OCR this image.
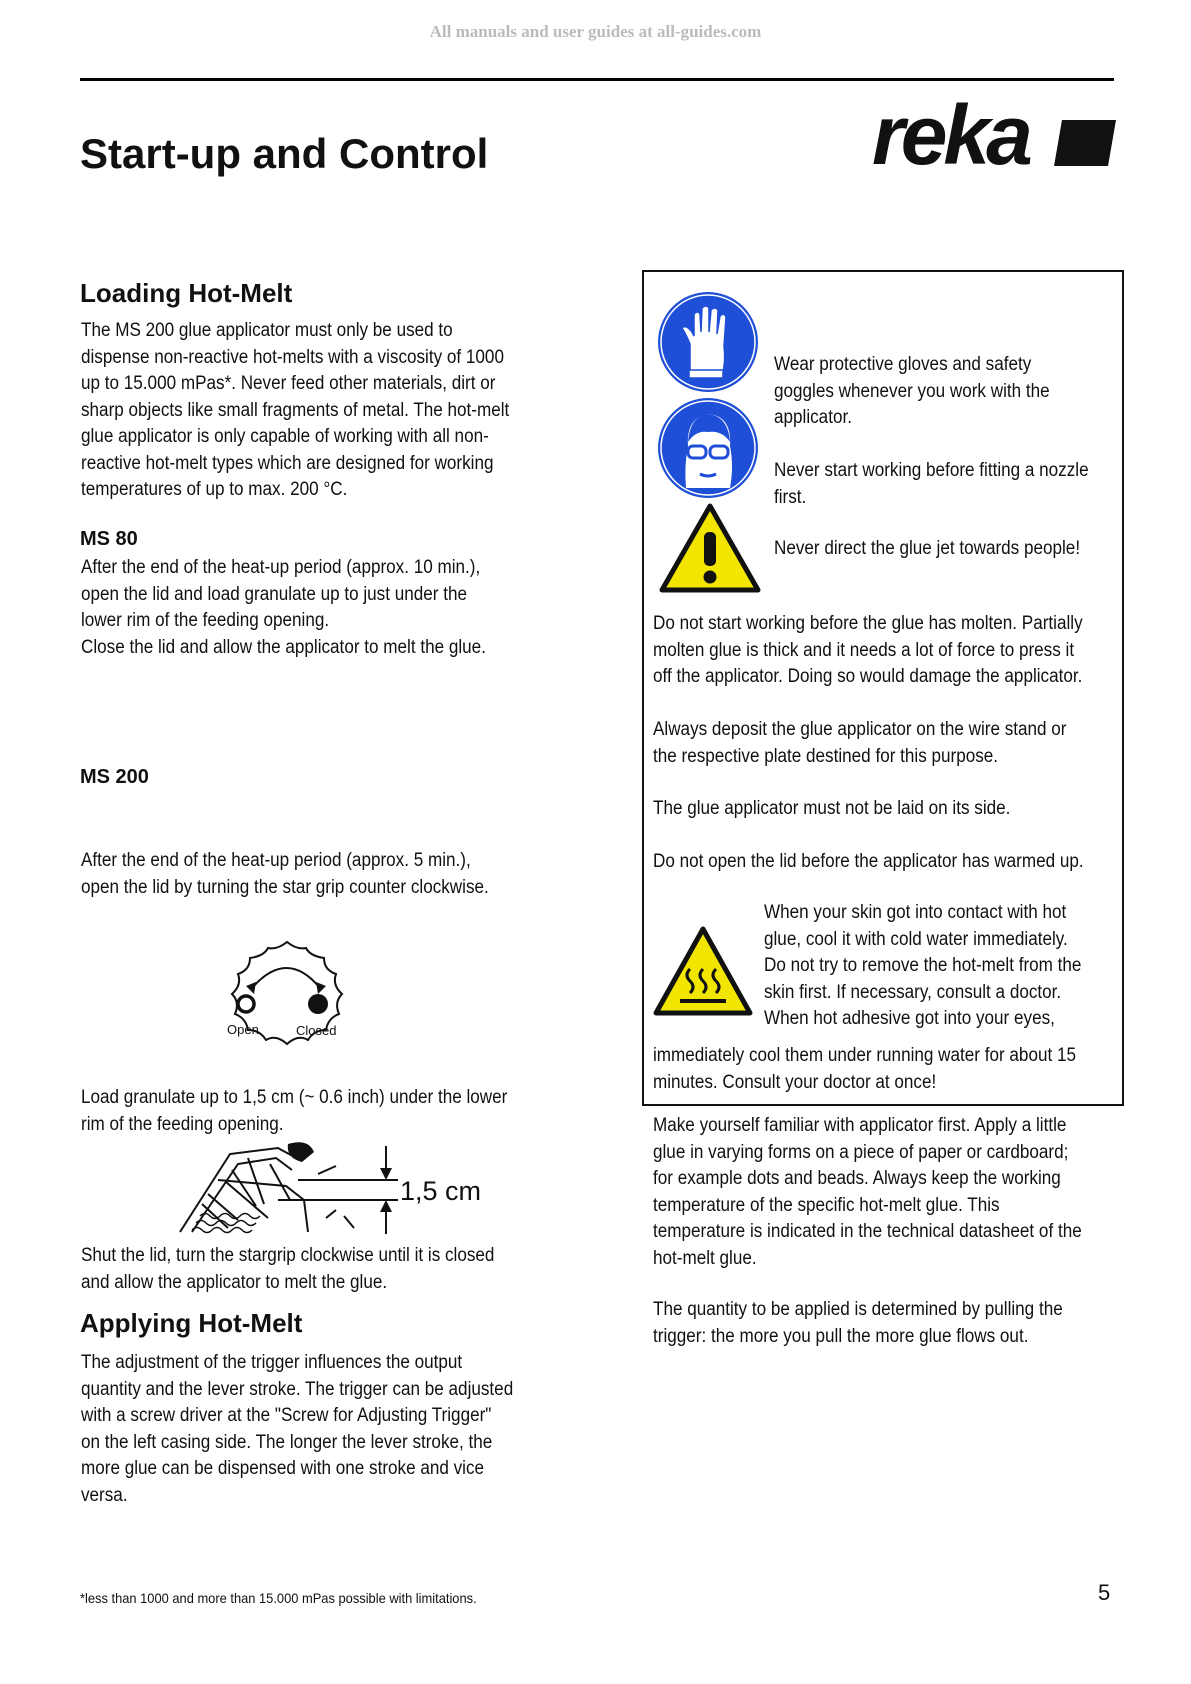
All manuals and user guides at all-guides.com
Start-up and Control	reka
Loading Hot-Melt

The MS 200 glue applicator must only be used to
dispense non-reactive hot-melts with a viscosity of 1000
up to 15.000 mPas*. Never feed other materials, dirt or
sharp objects like small fragments of metal. The hot-melt
glue applicator is only capable of working with all non-
reactive hot-melt types which are designed for working
temperatures of up to max. 200 °C.

MS 80

After the end of the heat-up period (approx. 10 min.),
open the lid and load granulate up to just under the
lower rim of the feeding opening.
Close the lid and allow the applicator to melt the glue.

MS 200

After the end of the heat-up period (approx. 5 min.),
open the lid by turning the star grip counter clockwise.

Open	Closed

Load granulate up to 1,5 cm (~ 0.6 inch) under the lower
rim of the feeding opening.

1,5 cm

Shut the lid, turn the stargrip clockwise until it is closed
and allow the applicator to melt the glue.

Applying Hot-Melt

The adjustment of the trigger influences the output
quantity and the lever stroke. The trigger can be adjusted
with a screw driver at the "Screw for Adjusting Trigger"
on the left casing side. The longer the lever stroke, the
more glue can be dispensed with one stroke and vice
versa.

Wear protective gloves and safety
goggles whenever you work with the
applicator.

Never start working before fitting a nozzle
first.

Never direct the glue jet towards people!

Do not start working before the glue has molten. Partially
molten glue is thick and it needs a lot of force to press it
off the applicator. Doing so would damage the applicator.

Always deposit the glue applicator on the wire stand or
the respective plate destined for this purpose.

The glue applicator must not be laid on its side.

Do not open the lid before the applicator has warmed up.

When your skin got into contact with hot
glue, cool it with cold water immediately.
Do not try to remove the hot-melt from the
skin first. If necessary, consult a doctor.
When hot adhesive got into your eyes,

immediately cool them under running water for about 15
minutes. Consult your doctor at once!

Make yourself familiar with applicator first. Apply a little
glue in varying forms on a piece of paper or cardboard;
for example dots and beads. Always keep the working
temperature of the specific hot-melt glue. This
temperature is indicated in the technical datasheet of the
hot-melt glue.

The quantity to be applied is determined by pulling the
trigger: the more you pull the more glue flows out.

*less than 1000 and more than 15.000 mPas possible with limitations.	5
